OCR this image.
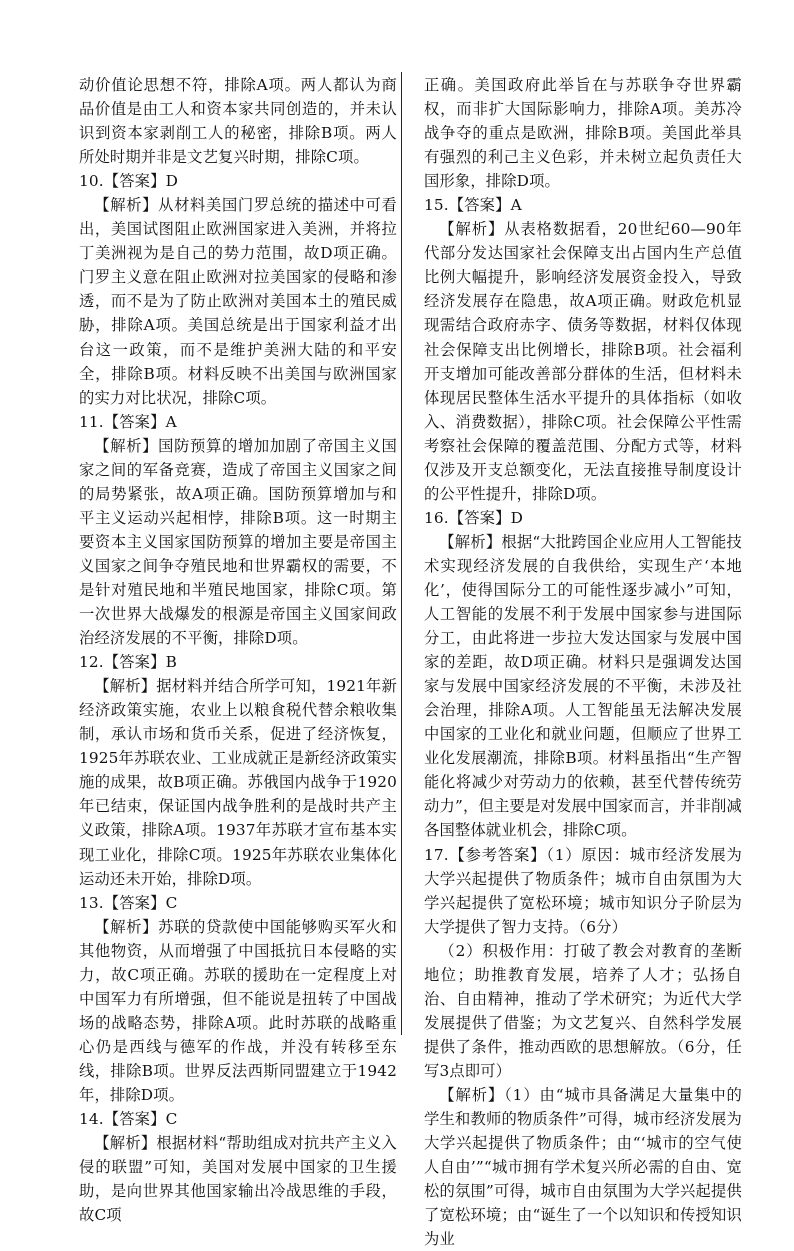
动价值论思想不符，排除A项。两人都认为商品价值是由工人和资本家共同创造的，并未认识到资本家剥削工人的秘密，排除B项。两人所处时期并非是文艺复兴时期，排除C项。

10.【答案】D

【解析】从材料美国门罗总统的描述中可看出，美国试图阻止欧洲国家进入美洲，并将拉丁美洲视为是自己的势力范围，故D项正确。门罗主义意在阻止欧洲对拉美国家的侵略和渗透，而不是为了防止欧洲对美国本土的殖民威胁，排除A项。美国总统是出于国家利益才出台这一政策，而不是维护美洲大陆的和平安全，排除B项。材料反映不出美国与欧洲国家的实力对比状况，排除C项。

11.【答案】A

【解析】国防预算的增加加剧了帝国主义国家之间的军备竞赛，造成了帝国主义国家之间的局势紧张，故A项正确。国防预算增加与和平主义运动兴起相悖，排除B项。这一时期主要资本主义国家国防预算的增加主要是帝国主义国家之间争夺殖民地和世界霸权的需要，不是针对殖民地和半殖民地国家，排除C项。第一次世界大战爆发的根源是帝国主义国家间政治经济发展的不平衡，排除D项。

12.【答案】B

【解析】据材料并结合所学可知，1921年新经济政策实施，农业上以粮食税代替余粮收集制，承认市场和货币关系，促进了经济恢复，1925年苏联农业、工业成就正是新经济政策实施的成果，故B项正确。苏俄国内战争于1920年已结束，保证国内战争胜利的是战时共产主义政策，排除A项。1937年苏联才宣布基本实现工业化，排除C项。1925年苏联农业集体化运动还未开始，排除D项。

13.【答案】C

【解析】苏联的贷款使中国能够购买军火和其他物资，从而增强了中国抵抗日本侵略的实力，故C项正确。苏联的援助在一定程度上对中国军力有所增强，但不能说是扭转了中国战场的战略态势，排除A项。此时苏联的战略重心仍是西线与德军的作战，并没有转移至东线，排除B项。世界反法西斯同盟建立于1942年，排除D项。

14.【答案】C

【解析】根据材料“帮助组成对抗共产主义入侵的联盟”可知，美国对发展中国家的卫生援助，是向世界其他国家输出冷战思维的手段，故C项

正确。美国政府此举旨在与苏联争夺世界霸权，而非扩大国际影响力，排除A项。美苏冷战争夺的重点是欧洲，排除B项。美国此举具有强烈的利己主义色彩，并未树立起负责任大国形象，排除D项。

15.【答案】A

【解析】从表格数据看，20世纪60—90年代部分发达国家社会保障支出占国内生产总值比例大幅提升，影响经济发展资金投入，导致经济发展存在隐患，故A项正确。财政危机显现需结合政府赤字、债务等数据，材料仅体现社会保障支出比例增长，排除B项。社会福利开支增加可能改善部分群体的生活，但材料未体现居民整体生活水平提升的具体指标（如收入、消费数据），排除C项。社会保障公平性需考察社会保障的覆盖范围、分配方式等，材料仅涉及开支总额变化，无法直接推导制度设计的公平性提升，排除D项。

16.【答案】D

【解析】根据“大批跨国企业应用人工智能技术实现经济发展的自我供给，实现生产‘本地化’，使得国际分工的可能性逐步减小”可知，人工智能的发展不利于发展中国家参与进国际分工，由此将进一步拉大发达国家与发展中国家的差距，故D项正确。材料只是强调发达国家与发展中国家经济发展的不平衡，未涉及社会治理，排除A项。人工智能虽无法解决发展中国家的工业化和就业问题，但顺应了世界工业化发展潮流，排除B项。材料虽指出“生产智能化将减少对劳动力的依赖，甚至代替传统劳动力”，但主要是对发展中国家而言，并非削减各国整体就业机会，排除C项。

17.【参考答案】（1）原因：城市经济发展为大学兴起提供了物质条件；城市自由氛围为大学兴起提供了宽松环境；城市知识分子阶层为大学提供了智力支持。（6分）

（2）积极作用：打破了教会对教育的垄断地位；助推教育发展，培养了人才；弘扬自治、自由精神，推动了学术研究；为近代大学发展提供了借鉴；为文艺复兴、自然科学发展提供了条件，推动西欧的思想解放。（6分，任写3点即可）

【解析】（1）由“城市具备满足大量集中的学生和教师的物质条件”可得，城市经济发展为大学兴起提供了物质条件；由“‘城市的空气使人自由’”“城市拥有学术复兴所必需的自由、宽松的氛围”可得，城市自由氛围为大学兴起提供了宽松环境；由“诞生了一个以知识和传授知识为业
